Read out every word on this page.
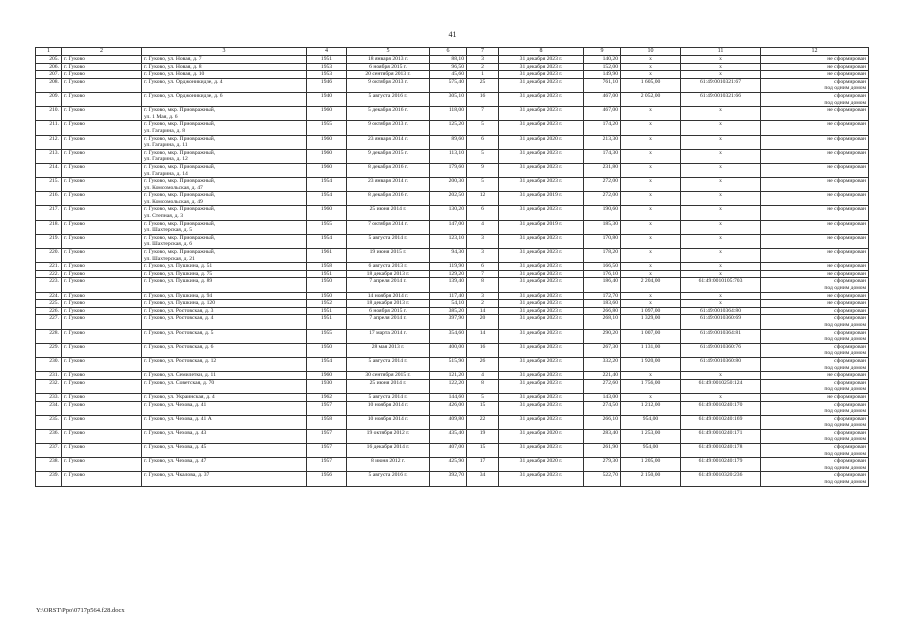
41
1	2	3	4	5	6	7	8	9	10	11	12
205.	г. Гуково	г. Гуково, ул. Новая, д. 7	1951	18 января 2013 г.	88,10	3	31 декабря 2023 г.	140,20	х	х	не сформирован

206.	г. Гуково	г. Гуково, ул. Новая, д. 8	1953	6 ноября 2015 г.	96,50	2	31 декабря 2023 г.	152,00	х	х	не сформирован

207.	г. Гуково	г. Гуково, ул. Новая, д. 10	1953	20 сентября 2013 г.	45,60	1	31 декабря 2023 г.	149,90	х	х	не сформирован

208.	г. Гуково	г. Гуково, ул. Орджоникидзе, д. 4	1946	9 октября 2013 г.	575,40	25	31 декабря 2023 г.	761,10	1 605,00	61:49:0010321:67	сформирован
под одним домом

209.	г. Гуково	г. Гуково, ул. Орджоникидзе, д. 6	1940	5 августа 2016 г.	305,10	16	31 декабря 2023 г.	467,00	2 052,00	61:49:0010321:66	сформирован
под одним домом

210.	г. Гуково	г. Гуково, мкр. Приовражный,
ул. 1 Мая, д. 6	1960	5 декабря 2016 г.	118,00	7	31 декабря 2023 г.	467,00	х	х	не сформирован

211.	г. Гуково	г. Гуково, мкр. Приовражный,
ул. Гагарина, д. 8	1955	9 октября 2013 г.	125,20	5	31 декабря 2023 г.	174,20	х	х	не сформирован

212.	г. Гуково	г. Гуково, мкр. Приовражный,
ул. Гагарина, д. 11	1960	23 января 2014 г.	89,60	6	31 декабря 2020 г.	213,30	х	х	не сформирован

213.	г. Гуково	г. Гуково, мкр. Приовражный,
ул. Гагарина, д. 12	1960	9 декабря 2015 г.	113,10	5	31 декабря 2023 г.	174,30	х	х	не сформирован

214.	г. Гуково	г. Гуково, мкр. Приовражный,
ул. Гагарина, д. 14	1960	8 декабря 2016 г.	179,60	9	31 декабря 2023 г.	231,80	х	х	не сформирован

215.	г. Гуково	г. Гуково, мкр. Приовражный,
ул. Комсомольская, д. 47	1954	23 января 2014 г.	200,30	5	31 декабря 2023 г.	272,00	х	х	не сформирован

216.	г. Гуково	г. Гуково, мкр. Приовражный,
ул. Комсомольская, д. 49	1954	8 декабря 2016 г.	202,50	12	31 декабря 2019 г.	272,00	х	х	не сформирован

217.	г. Гуково	г. Гуково, мкр. Приовражный,
ул. Степная, д. 3	1960	25 июня 2014 г.	130,20	6	31 декабря 2023 г.	190,60	х	х	не сформирован

218.	г. Гуково	г. Гуково, мкр. Приовражный,
ул. Шахтерская, д. 5	1955	7 октября 2014 г.	147,00	4	31 декабря 2019 г.	185,30	х	х	не сформирован

219.	г. Гуково	г. Гуково, мкр. Приовражный,
ул. Шахтерская, д. 6	1954	5 августа 2014 г.	123,10	3	31 декабря 2023 г.	170,80	х	х	не сформирован

220.	г. Гуково	г. Гуково, мкр. Приовражный,
ул. Шахтерская, д. 21	1961	19 июня 2015 г.	94,30	3	31 декабря 2023 г.	178,20	х	х	не сформирован

221.	г. Гуково	г. Гуково, ул. Пушкина, д. 51	1958	6 августа 2013 г.	119,90	6	31 декабря 2023 г.	166,50	х	х	не сформирован

222.	г. Гуково	г. Гуково, ул. Пушкина, д. 75	1951	18 декабря 2013 г.	129,20	7	31 декабря 2023 г.	176,10	х	х	не сформирован

223.	г. Гуково	г. Гуково, ул. Пушкина, д. 89	1950	7 апреля 2014 г.	139,40	8	31 декабря 2023 г.	186,40	2 204,00	61:49:0010105:703	сформирован
под одним домом

224.	г. Гуково	г. Гуково, ул. Пушкина, д. 94	1950	14 ноября 2014 г.	117,40	3	31 декабря 2023 г.	172,70	х	х	не сформирован

225.	г. Гуково	г. Гуково, ул. Пушкина, д. 120	1952	18 декабря 2013 г.	54,10	2	31 декабря 2023 г.	183,60	х	х	не сформирован

226.	г. Гуково	г. Гуково, ул. Ростовская, д. 3	1951	6 ноября 2015 г.	385,20	14	31 декабря 2023 г.	266,80	1 097,00	61:49:0010364:80	сформирован

227.	г. Гуково	г. Гуково, ул. Ростовская, д. 4	1951	7 апреля 2014 г.	397,90	20	31 декабря 2023 г.	268,10	1 329,00	61:49:0010360:69	сформирован
под одним домом

228.	г. Гуково	г. Гуково, ул. Ростовская, д. 5	1955	17 марта 2014 г.	354,60	14	31 декабря 2023 г.	290,20	1 007,00	61:49:0010364:81	сформирован
под одним домом

229.	г. Гуково	г. Гуково, ул. Ростовская, д. 6	1950	28 мая 2013 г.	400,00	16	31 декабря 2023 г.	267,30	1 131,00	61:49:0010360:76	сформирован
под одним домом

230.	г. Гуково	г. Гуково, ул. Ростовская, д. 12	1954	5 августа 2014 г.	515,90	26	31 декабря 2023 г.	332,20	1 920,00	61:49:0010360:80	сформирован
под одним домом

231.	г. Гуково	г. Гуково, ул. Семилетки, д. 11	1960	30 сентября 2015 г.	121,20	4	31 декабря 2023 г.	221,40	х	х	не сформирован

232.	г. Гуково	г. Гуково, ул. Советская, д. 70	1930	25 июня 2014 г.	122,20	8	31 декабря 2023 г.	272,60	1 756,00	61:49:0010250:124	сформирован
под одним домом

233.	г. Гуково	г. Гуково, ул. Украинская, д. 4	1962	5 августа 2014 г.	144,60	5	31 декабря 2023 г.	143,00	х	х	не сформирован

234.	г. Гуково	г. Гуково, ул. Чехова, д. 41	1957	10 ноября 2014 г.	426,00	15	31 декабря 2023 г.	274,50	1 212,00	61:49:0010240:170	сформирован
под одним домом

235.	г. Гуково	г. Гуково, ул. Чехова, д. 41 А	1958	10 ноября 2014 г.	409,80	22	31 декабря 2023 г.	266,10	954,00	61:49:0010240:169	сформирован
под одним домом

236.	г. Гуково	г. Гуково, ул. Чехова, д. 43	1957	19 октября 2012 г.	435,40	19	31 декабря 2020 г.	283,40	1 253,00	61:49:0010240:171	сформирован
под одним домом

237.	г. Гуково	г. Гуково, ул. Чехова, д. 45	1957	16 декабря 2014 г.	407,00	15	31 декабря 2023 г.	261,90	954,00	61:49:0010240:178	сформирован
под одним домом

238.	г. Гуково	г. Гуково, ул. Чехова, д. 47	1957	8 июня 2012 г.	425,90	17	31 декабря 2020 г.	279,30	1 205,00	61:49:0010240:179	сформирован
под одним домом

239.	г. Гуково	г. Гуково, ул. Чкалова, д. 37	1956	5 августа 2016 г.	392,70	34	31 декабря 2023 г.	522,70	2 150,00	61:49:0010320:236	сформирован
под одним домом
Y:\ORST\Ppo\0717p564.f28.docx
